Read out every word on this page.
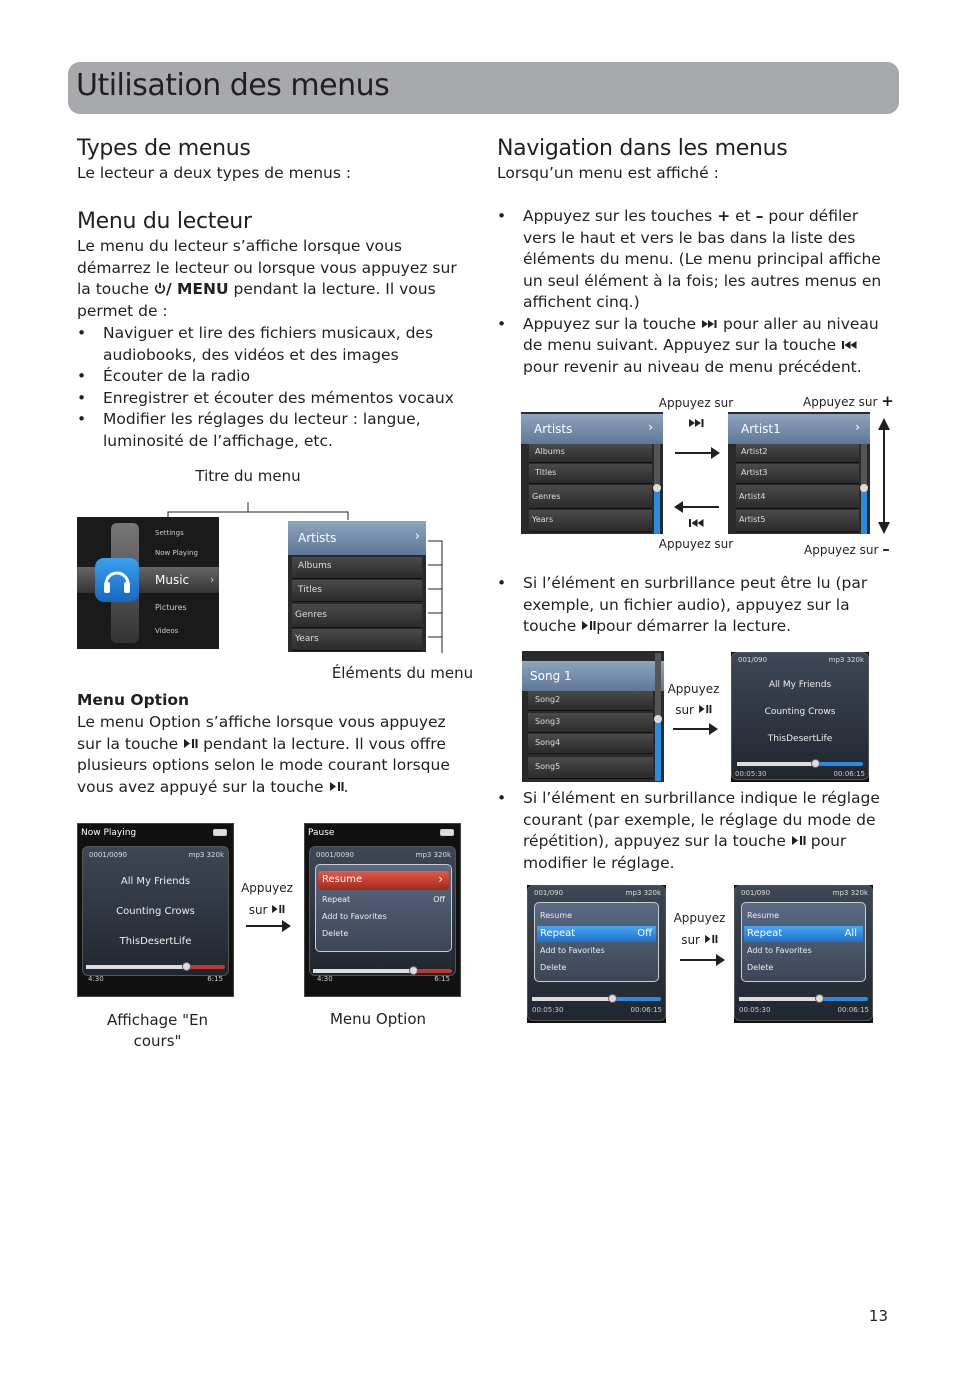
Utilisation des menus
Types de menus
Le lecteur a deux types de menus :
Menu du lecteur
Le menu du lecteur s’affiche lorsque vous démarrez le lecteur ou lorsque vous appuyez sur la touche / MENU pendant la lecture. Il vous permet de :
• Naviguer et lire des fichiers musicaux, des audiobooks, des vidéos et des images
• Écouter de la radio
• Enregistrer et écouter des mémentos vocaux
• Modifier les réglages du lecteur : langue, luminosité de l’affichage, etc.
Titre du menu
Settings
Now Playing
Music ›
Pictures
Videos
Artists	›
Albums
Titles
Genres
Years
Éléments du menu
Menu Option
Le menu Option s’affiche lorsque vous appuyez sur la touche pendant la lecture. Il vous offre plusieurs options selon le mode courant lorsque vous avez appuyé sur la touche .
Now Playing
0001/0090	mp3 320k
All My Friends
Counting Crows
ThisDesertLife
4:30	6:15
Appuyez
sur
Pause
0001/0090	mp3 320k
Resume	›
Repeat	Off
Add to Favorites
Delete
4:30	6:15
Affichage "En cours"
Menu Option
Navigation dans les menus
Lorsqu’un menu est affiché :
• Appuyez sur les touches + et – pour défiler vers le haut et vers le bas dans la liste des éléments du menu. (Le menu principal affiche un seul élément à la fois; les autres menus en affichent cinq.)
• Appuyez sur la touche pour aller au niveau de menu suivant. Appuyez sur la touche  pour revenir au niveau de menu précédent.
Artists	›
Albums
Titles
Genres
Years
Appuyez sur
Appuyez sur
Artist1	›
Artist2
Artist3
Artist4
Artist5
Appuyez sur +
Appuyez sur –
• Si l’élément en surbrillance peut être lu (par exemple, un fichier audio), appuyez sur la touche pour démarrer la lecture.
Song 1
Song2
Song3
Song4
Song5
Appuyez
sur
001/090	mp3 320k
All My Friends
Counting Crows
ThisDesertLife
00:05:30	00:06:15
• Si l’élément en surbrillance indique le réglage courant (par exemple, le réglage du mode de répétition), appuyez sur la touche pour modifier le réglage.
001/090	mp3 320k
Resume
Repeat	Off
Add to Favorites
Delete
00:05:30	00:06:15
Appuyez
sur
001/090	mp3 320k
Resume
Repeat	All
Add to Favorites
Delete
00:05:30	00:06:15
13
